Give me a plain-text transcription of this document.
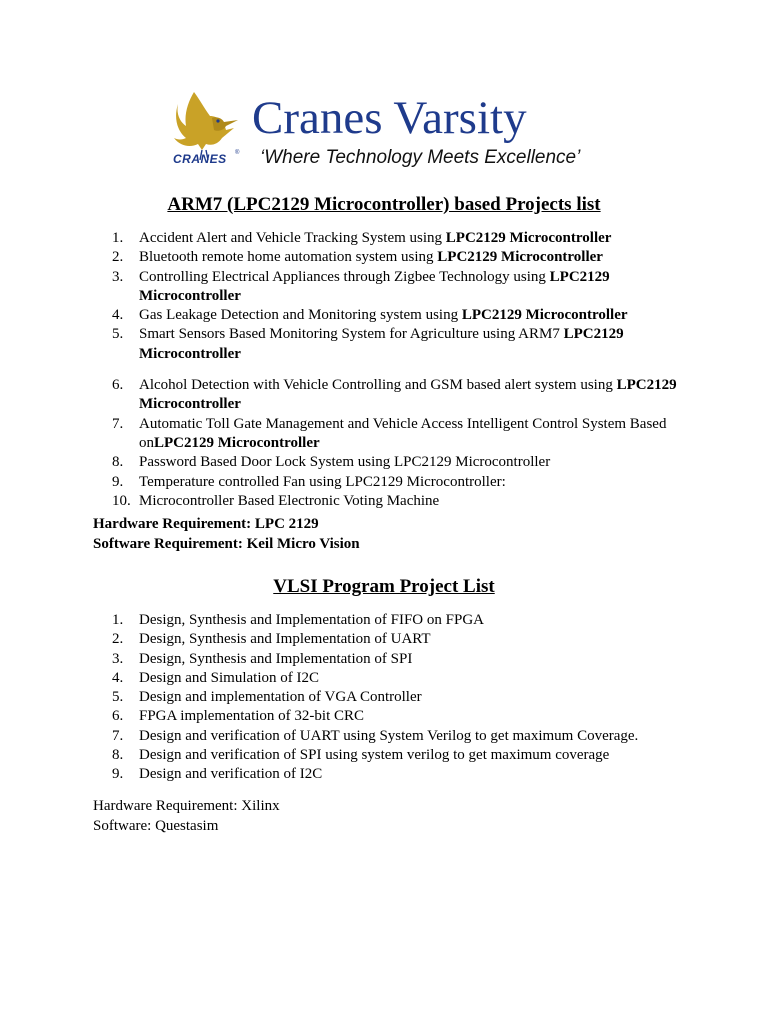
CRANES ®
Cranes Varsity
‘Where Technology Meets Excellence’
ARM7 (LPC2129 Microcontroller) based Projects list
1.	Accident Alert and Vehicle Tracking System using LPC2129 Microcontroller
2.	Bluetooth remote home automation system using LPC2129 Microcontroller
3.	Controlling Electrical Appliances through Zigbee Technology using LPC2129 Microcontroller
4.	Gas Leakage Detection and Monitoring system using LPC2129 Microcontroller
5.	Smart Sensors Based Monitoring System for Agriculture using ARM7 LPC2129 Microcontroller
6.	Alcohol Detection with Vehicle Controlling and GSM based alert system using LPC2129 Microcontroller
7.	Automatic Toll Gate Management and Vehicle Access Intelligent Control System Based onLPC2129 Microcontroller
8.	Password Based Door Lock System using LPC2129 Microcontroller
9.	Temperature controlled Fan using LPC2129 Microcontroller:
10. Microcontroller Based Electronic Voting Machine
Hardware Requirement: LPC 2129
Software Requirement: Keil Micro Vision
VLSI Program Project List
1.	Design, Synthesis and Implementation of FIFO on FPGA
2.	Design, Synthesis and Implementation of UART
3.	Design, Synthesis and Implementation of SPI
4.	Design and Simulation of I2C
5.	Design and implementation of VGA Controller
6.	FPGA implementation of 32-bit CRC
7.	Design and verification of UART using System Verilog to get maximum Coverage.
8.	Design and verification of SPI using system verilog to get maximum coverage
9.	Design and verification of I2C
Hardware Requirement: Xilinx
Software: Questasim
